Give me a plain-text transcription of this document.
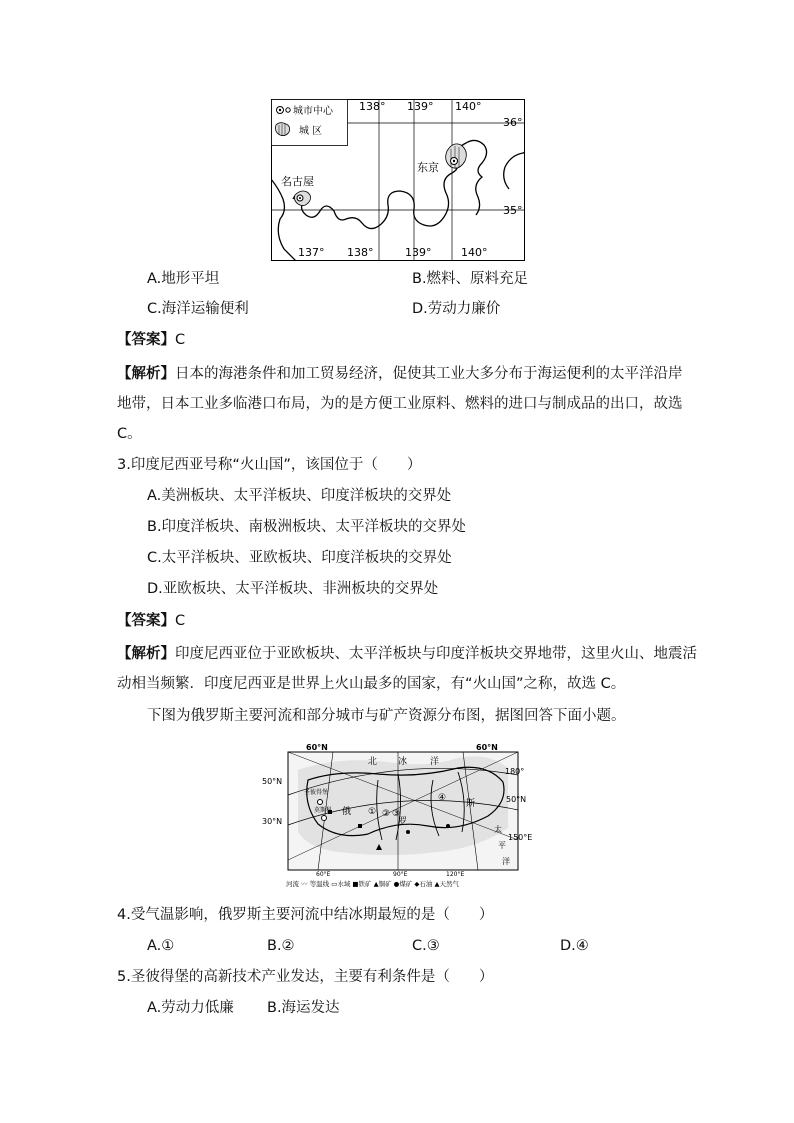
城市中心
城 区
138° 139° 140°
36°
35°
137° 138°	139°	140°
名古屋
东京
A.地形平坦	B.燃料、原料充足
C.海洋运输便利	D.劳动力廉价
【答案】C
【解析】日本的海港条件和加工贸易经济，促使其工业大多分布于海运便利的太平洋沿岸
地带，日本工业多临港口布局，为的是方便工业原料、燃料的进口与制成品的出口，故选
C。
3.印度尼西亚号称“火山国”，该国位于（　　）
A.美洲板块、太平洋板块、印度洋板块的交界处
B.印度洋板块、南极洲板块、太平洋板块的交界处
C.太平洋板块、亚欧板块、印度洋板块的交界处
D.亚欧板块、太平洋板块、非洲板块的交界处
【答案】C
【解析】印度尼西亚位于亚欧板块、太平洋板块与印度洋板块交界地带，这里火山、地震活
动相当频繁．印度尼西亚是世界上火山最多的国家，有“火山国”之称，故选 C。
下图为俄罗斯主要河流和部分城市与矿产资源分布图，据图回答下面小题。
60°N	60°N
50°N
30°N
180°
50°N
150°E
60°E	90°E	120°E
北 冰	洋
太
平
洋
俄
罗
斯
圣彼得堡
莫斯科	① ② ③
④
河流 〰 等温线 ▭水域 ■铁矿 ▲铜矿 ●煤矿 ◆石油 ▲天然气
4.受气温影响，俄罗斯主要河流中结冰期最短的是（　　）
A.①	B.②	C.③	D.④
5.圣彼得堡的高新技术产业发达，主要有利条件是（　　）
A.劳动力低廉 B.海运发达
